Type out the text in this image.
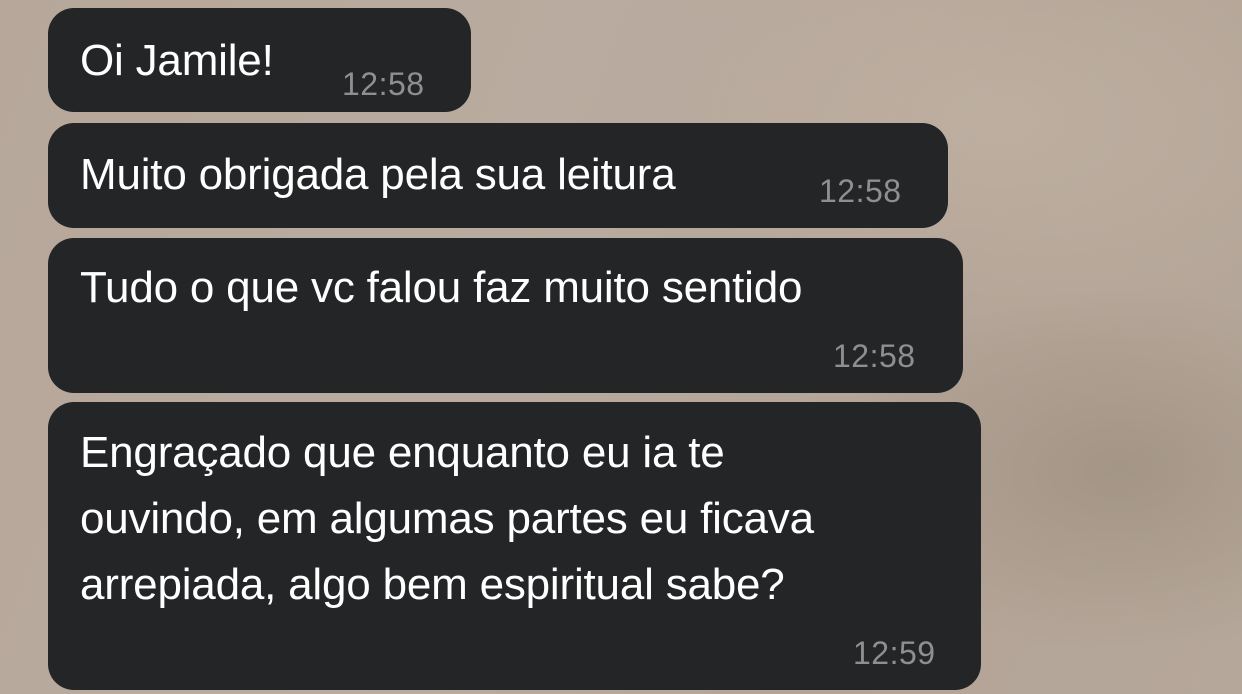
Oi Jamile! 12:58
Muito obrigada pela sua leitura	12:58
Tudo o que vc falou faz muito sentido
12:58
Engraçado que enquanto eu ia te
ouvindo, em algumas partes eu ficava
arrepiada, algo bem espiritual sabe?
12:59
